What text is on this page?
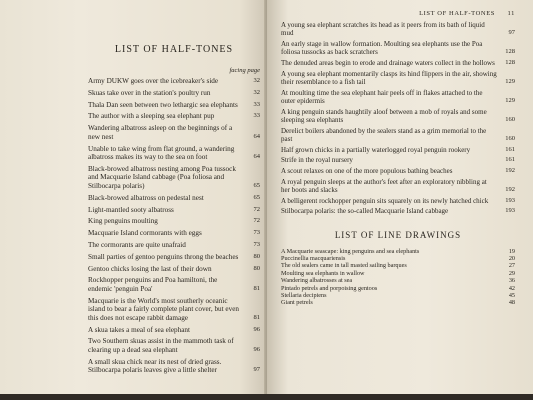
LIST OF HALF-TONES
facing page
Army DUKW goes over the icebreaker's side	32
Skuas take over in the station's poultry run	32
Thala Dan seen between two lethargic sea elephants	33
The author with a sleeping sea elephant pup	33
Wandering albatross asleep on the beginnings of a new nest	64
Unable to take wing from flat ground, a wandering albatross makes its way to the sea on foot	64
Black-browed albatross nesting among Poa tussock and Macquarie Island cabbage (Poa foliosa and Stilbocarpa polaris)	65
Black-browed albatross on pedestal nest	65
Light-mantled sooty albatross	72
King penguins moulting	72
Macquarie Island cormorants with eggs	73
The cormorants are quite unafraid	73
Small parties of gentoo penguins throng the beaches	80
Gentoo chicks losing the last of their down	80
Rockhopper penguins and Poa hamiltoni, the endemic 'penguin Poa'	81
Macquarie is the World's most southerly oceanic island to bear a fairly complete plant cover, but even this does not escape rabbit damage	81
A skua takes a meal of sea elephant	96
Two Southern skuas assist in the mammoth task of clearing up a dead sea elephant	96
A small skua chick near its nest of dried grass. Stilbocarpa polaris leaves give a little shelter	97
LIST OF HALF-TONES	11
A young sea elephant scratches its head as it peers from its bath of liquid mud	97
An early stage in wallow formation. Moulting sea elephants use the Poa foliosa tussocks as back scratchers	128
The denuded areas begin to erode and drainage waters collect in the hollows	128
A young sea elephant momentarily clasps its hind flippers in the air, showing their resemblance to a fish tail	129
At moulting time the sea elephant hair peels off in flakes attached to the outer epidermis	129
A king penguin stands haughtily aloof between a mob of royals and some sleeping sea elephants	160
Derelict boilers abandoned by the sealers stand as a grim memorial to the past	160
Half grown chicks in a partially waterlogged royal penguin rookery	161
Strife in the royal nursery	161
A scout relaxes on one of the more populous bathing beaches	192
A royal penguin sleeps at the author's feet after an exploratory nibbling at her boots and slacks	192
A belligerent rockhopper penguin sits squarely on its newly hatched chick	193
Stilbocarpa polaris: the so-called Macquarie Island cabbage	193
LIST OF LINE DRAWINGS
A Macquarie seascape: king penguins and sea elephants	19
Puccinellia macquariensis	20
The old sealers came in tall masted sailing barques	27
Moulting sea elephants in wallow	29
Wandering albatrosses at sea	36
Pintado petrels and porpoising gentoos	42
Stellaria decipiens	45
Giant petrels	48
